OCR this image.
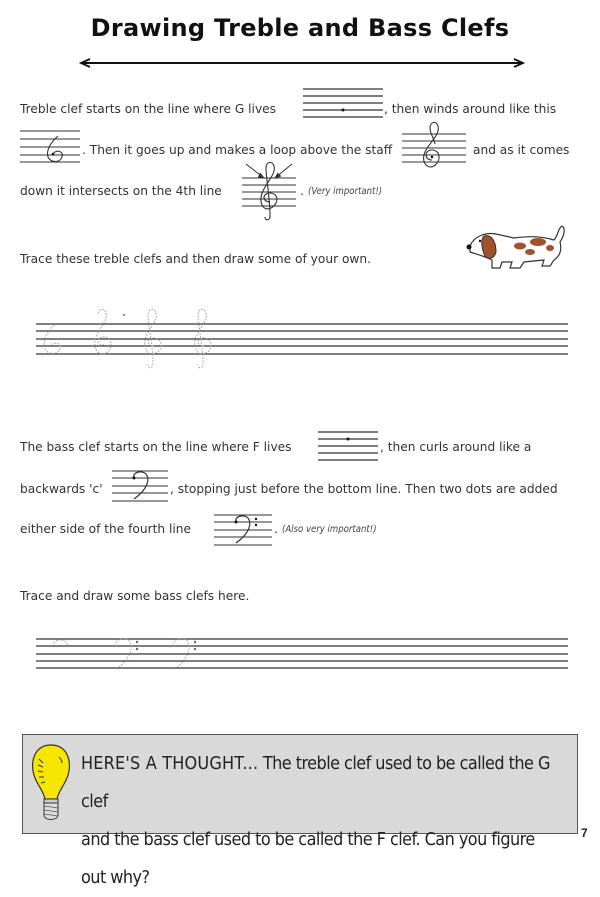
Drawing Treble and Bass Clefs
Treble clef starts on the line where G lives	, then winds around like this
. Then it goes up and makes a loop above the staff	and as it comes
down it intersects on the 4th line	. (Very important!)
Trace these treble clefs and then draw some of your own.
The bass clef starts on the line where F lives	, then curls around like a
backwards 'c'	, stopping just before the bottom line. Then two dots are added
either side of the fourth line	. (Also very important!)
Trace and draw some bass clefs here.
HERE'S A THOUGHT... The treble clef used to be called the G clef
and the bass clef used to be called the F clef. Can you figure out why?
7
